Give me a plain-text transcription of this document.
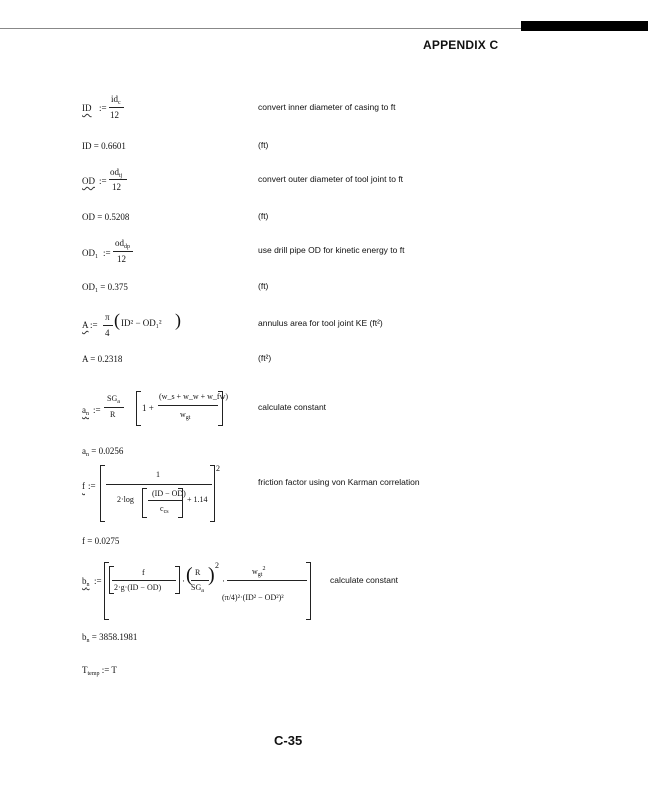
APPENDIX C
ID :=
$id_c$
12
convert inner diameter of casing to ft
ID = 0.6601	(ft)
OD :=
$od_{tj}$
12
convert outer diameter of tool joint to ft
OD = 0.5208	(ft)
$OD_1$ :=
$od_{dp}$
12
use drill pipe OD for kinetic energy to ft
$OD_1 = 0.375$	(ft)
A :=
π
4
( ID² − OD₁² )	annulus area for tool joint KE (ft²)
A = 0.2318	(ft²)
$a_n$ :=
$SG_a$
R
1 +
(w_s + w_w + w_fw)
$w_{gt}$
calculate constant
$a_n = 0.0256$
f :=
1
2·log
(ID − OD)
$c_{cs}$
+ 1.14
2
friction factor using von Karman correlation
f = 0.0275
$b_n$ :=
f
2·g·(ID − OD)
· ( R
$SG_a$
) 2
·
$w_{gt}^2$
(π/4)²·(ID² − OD²)²
calculate constant
$b_n = 3858.1981$
$T_{temp}$ := T
C-35
